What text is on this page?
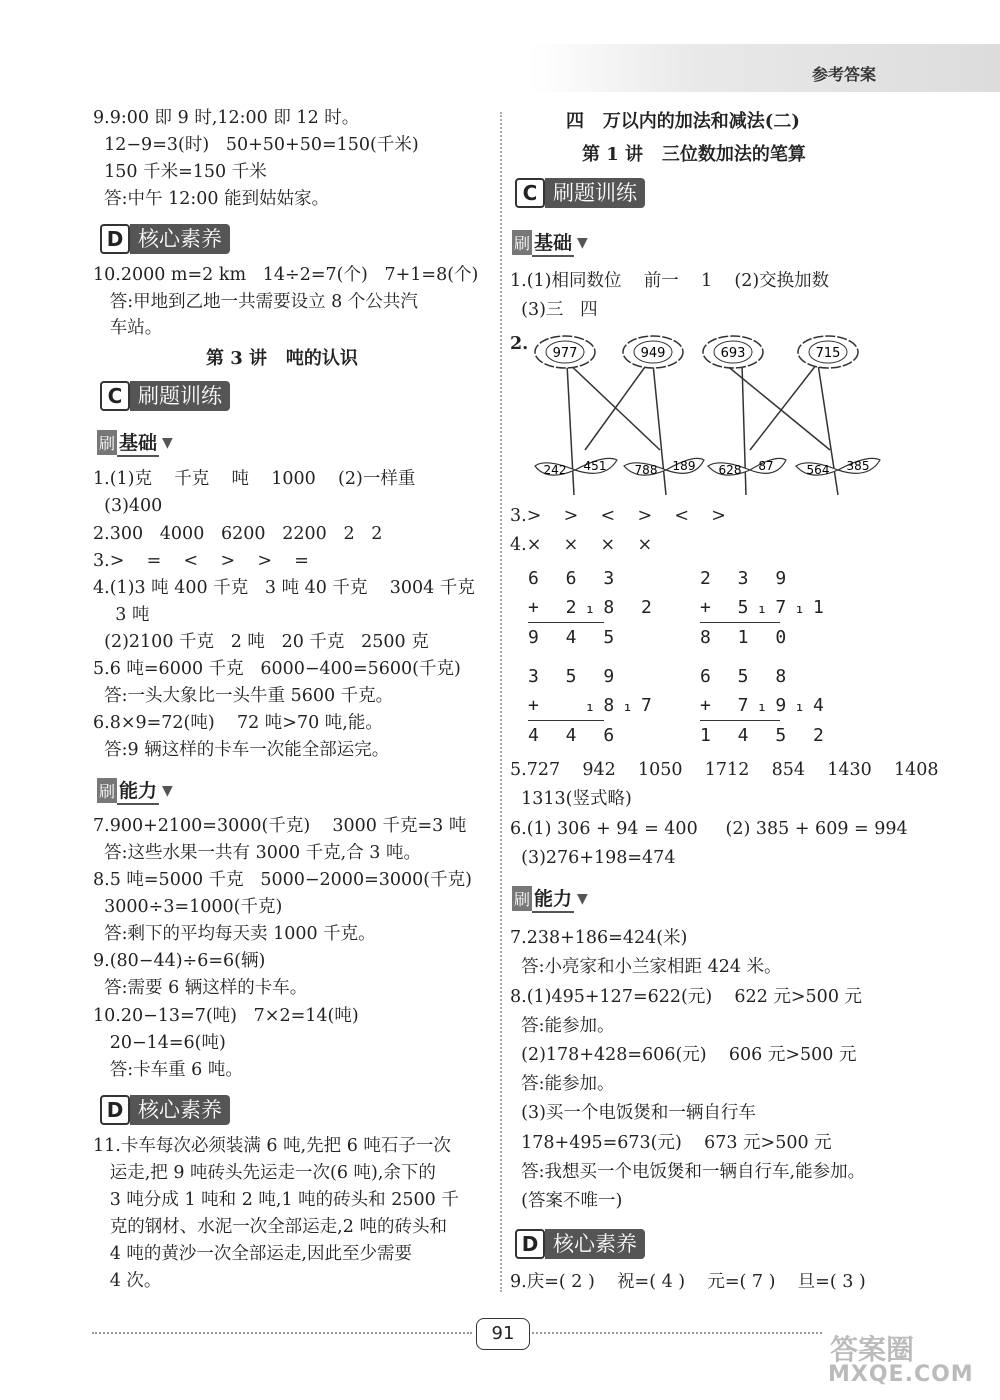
参考答案
9.9:00 即 9 时,12:00 即 12 时。
12−9=3(时)   50+50+50=150(千米)
150 千米=150 千米
答:中午 12:00 能到姑姑家。
D 核心素养
10.2000 m=2 km   14÷2=7(个)   7+1=8(个)
答:甲地到乙地一共需要设立 8 个公共汽
车站。
第 3 讲   吨的认识
C 刷题训练
刷 基础 ▼
1.(1)克    千克    吨    1000    (2)一样重
(3)400
2.300   4000   6200   2200   2   2
3.>    =    <    >    >    =
4.(1)3 吨 400 千克   3 吨 40 千克    3004 千克
3 吨
(2)2100 千克   2 吨   20 千克   2500 克
5.6 吨=6000 千克   6000−400=5600(千克)
答:一头大象比一头牛重 5600 千克。
6.8×9=72(吨)    72 吨>70 吨,能。
答:9 辆这样的卡车一次能全部运完。
刷 能力 ▼
7.900+2100=3000(千克)    3000 千克=3 吨
答:这些水果一共有 3000 千克,合 3 吨。
8.5 吨=5000 千克   5000−2000=3000(千克)
3000÷3=1000(千克)
答:剩下的平均每天卖 1000 千克。
9.(80−44)÷6=6(辆)
答:需要 6 辆这样的卡车。
10.20−13=7(吨)   7×2=14(吨)
20−14=6(吨)
答:卡车重 6 吨。
D 核心素养
11.卡车每次必须装满 6 吨,先把 6 吨石子一次
运走,把 9 吨砖头先运走一次(6 吨),余下的
3 吨分成 1 吨和 2 吨,1 吨的砖头和 2500 千
克的钢材、水泥一次全部运走,2 吨的砖头和
4 吨的黄沙一次全部运走,因此至少需要
4 次。
四   万以内的加法和减法(二)
第 1 讲   三位数加法的笔算
C 刷题训练
刷 基础 ▼
1.(1)相同数位    前一    1    (2)交换加数
(3)三   四
2. 977	949	693	715
242 451 788 189 628 87	564 385
3.>    >    <    >    <    >
4.×    ×    ×    ×
6 6 3
+ 2₁8 2
9 4 5
2 3 9
+ 5₁7₁1
8 1 0
3 5 9
+  ₁8₁7
4 4 6
6 5 8
+ 7₁9₁4
1 4 5 2
5.727    942    1050    1712    854    1430    1408
1313(竖式略)
6.(1) 306 + 94 = 400     (2) 385 + 609 = 994
(3)276+198=474
刷 能力 ▼
7.238+186=424(米)
答:小亮家和小兰家相距 424 米。
8.(1)495+127=622(元)    622 元>500 元
答:能参加。
(2)178+428=606(元)    606 元>500 元
答:能参加。
(3)买一个电饭煲和一辆自行车
178+495=673(元)    673 元>500 元
答:我想买一个电饭煲和一辆自行车,能参加。
(答案不唯一)
D 核心素养
9.庆=( 2 )    祝=( 4 )    元=( 7 )    旦=( 3 )
91	答案圈
MXQE.COM
